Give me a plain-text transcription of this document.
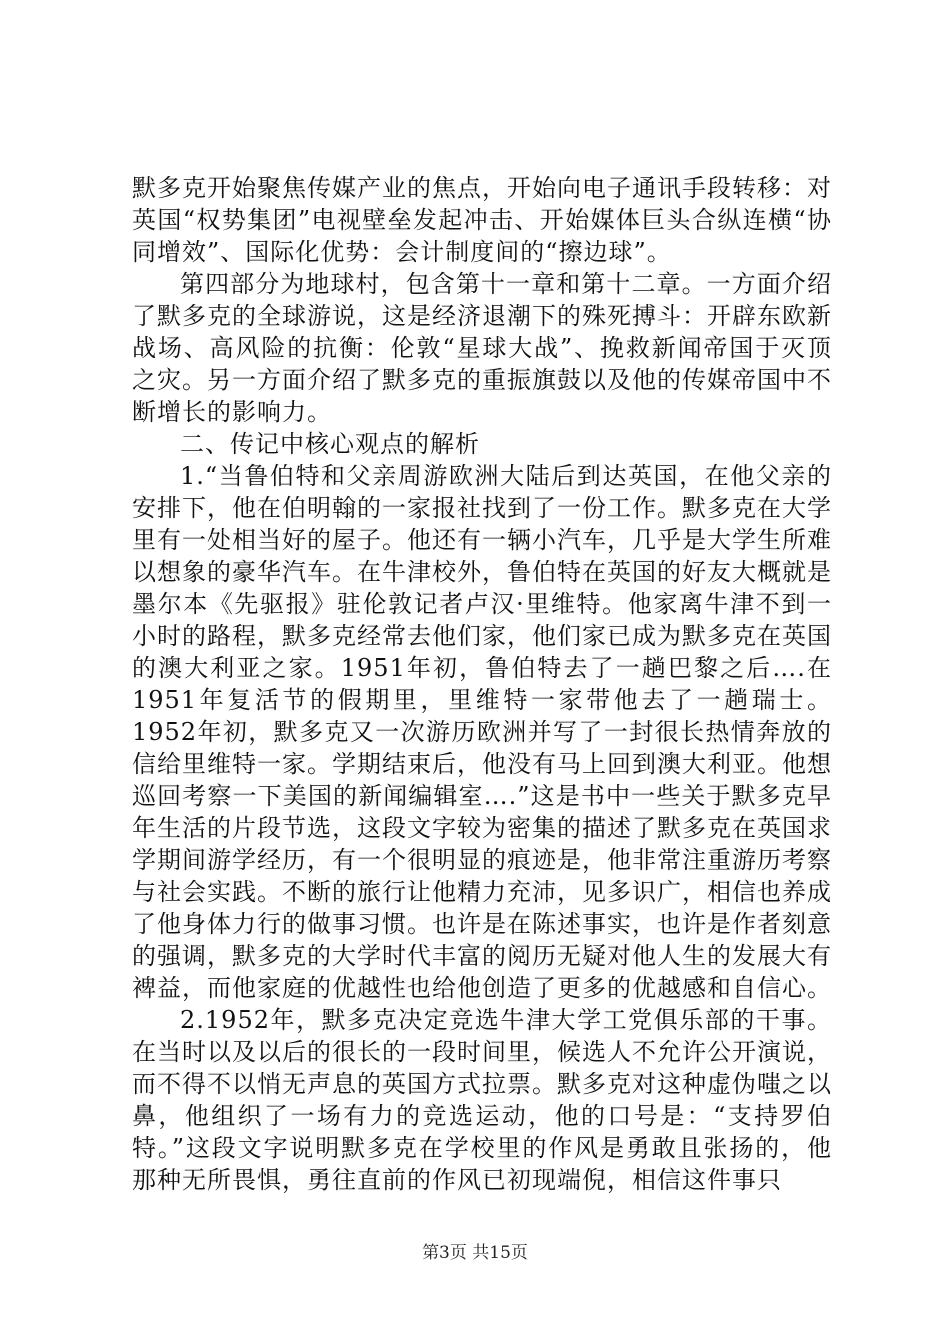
默多克开始聚焦传媒产业的焦点，开始向电子通讯手段转移：对英国“权势集团”电视壁垒发起冲击、开始媒体巨头合纵连横“协同增效”、国际化优势：会计制度间的“擦边球”。

第四部分为地球村，包含第十一章和第十二章。一方面介绍了默多克的全球游说，这是经济退潮下的殊死搏斗：开辟东欧新战场、高风险的抗衡：伦敦“星球大战”、挽救新闻帝国于灭顶之灾。另一方面介绍了默多克的重振旗鼓以及他的传媒帝国中不断增长的影响力。

二、传记中核心观点的解析

1.“当鲁伯特和父亲周游欧洲大陆后到达英国，在他父亲的安排下，他在伯明翰的一家报社找到了一份工作。默多克在大学里有一处相当好的屋子。他还有一辆小汽车，几乎是大学生所难以想象的豪华汽车。在牛津校外，鲁伯特在英国的好友大概就是墨尔本《先驱报》驻伦敦记者卢汉·里维特。他家离牛津不到一小时的路程，默多克经常去他们家，他们家已成为默多克在英国的澳大利亚之家。1951年初，鲁伯特去了一趟巴黎之后….在1951年复活节的假期里，里维特一家带他去了一趟瑞士。1952年初，默多克又一次游历欧洲并写了一封很长热情奔放的信给里维特一家。学期结束后，他没有马上回到澳大利亚。他想巡回考察一下美国的新闻编辑室….”这是书中一些关于默多克早年生活的片段节选，这段文字较为密集的描述了默多克在英国求学期间游学经历，有一个很明显的痕迹是，他非常注重游历考察与社会实践。不断的旅行让他精力充沛，见多识广，相信也养成了他身体力行的做事习惯。也许是在陈述事实，也许是作者刻意的强调，默多克的大学时代丰富的阅历无疑对他人生的发展大有裨益，而他家庭的优越性也给他创造了更多的优越感和自信心。

2.1952年，默多克决定竞选牛津大学工党俱乐部的干事。在当时以及以后的很长的一段时间里，候选人不允许公开演说，而不得不以悄无声息的英国方式拉票。默多克对这种虚伪嗤之以鼻，他组织了一场有力的竞选运动，他的口号是：“支持罗伯特。”这段文字说明默多克在学校里的作风是勇敢且张扬的，他那种无所畏惧，勇往直前的作风已初现端倪，相信这件事只

第3页 共15页
